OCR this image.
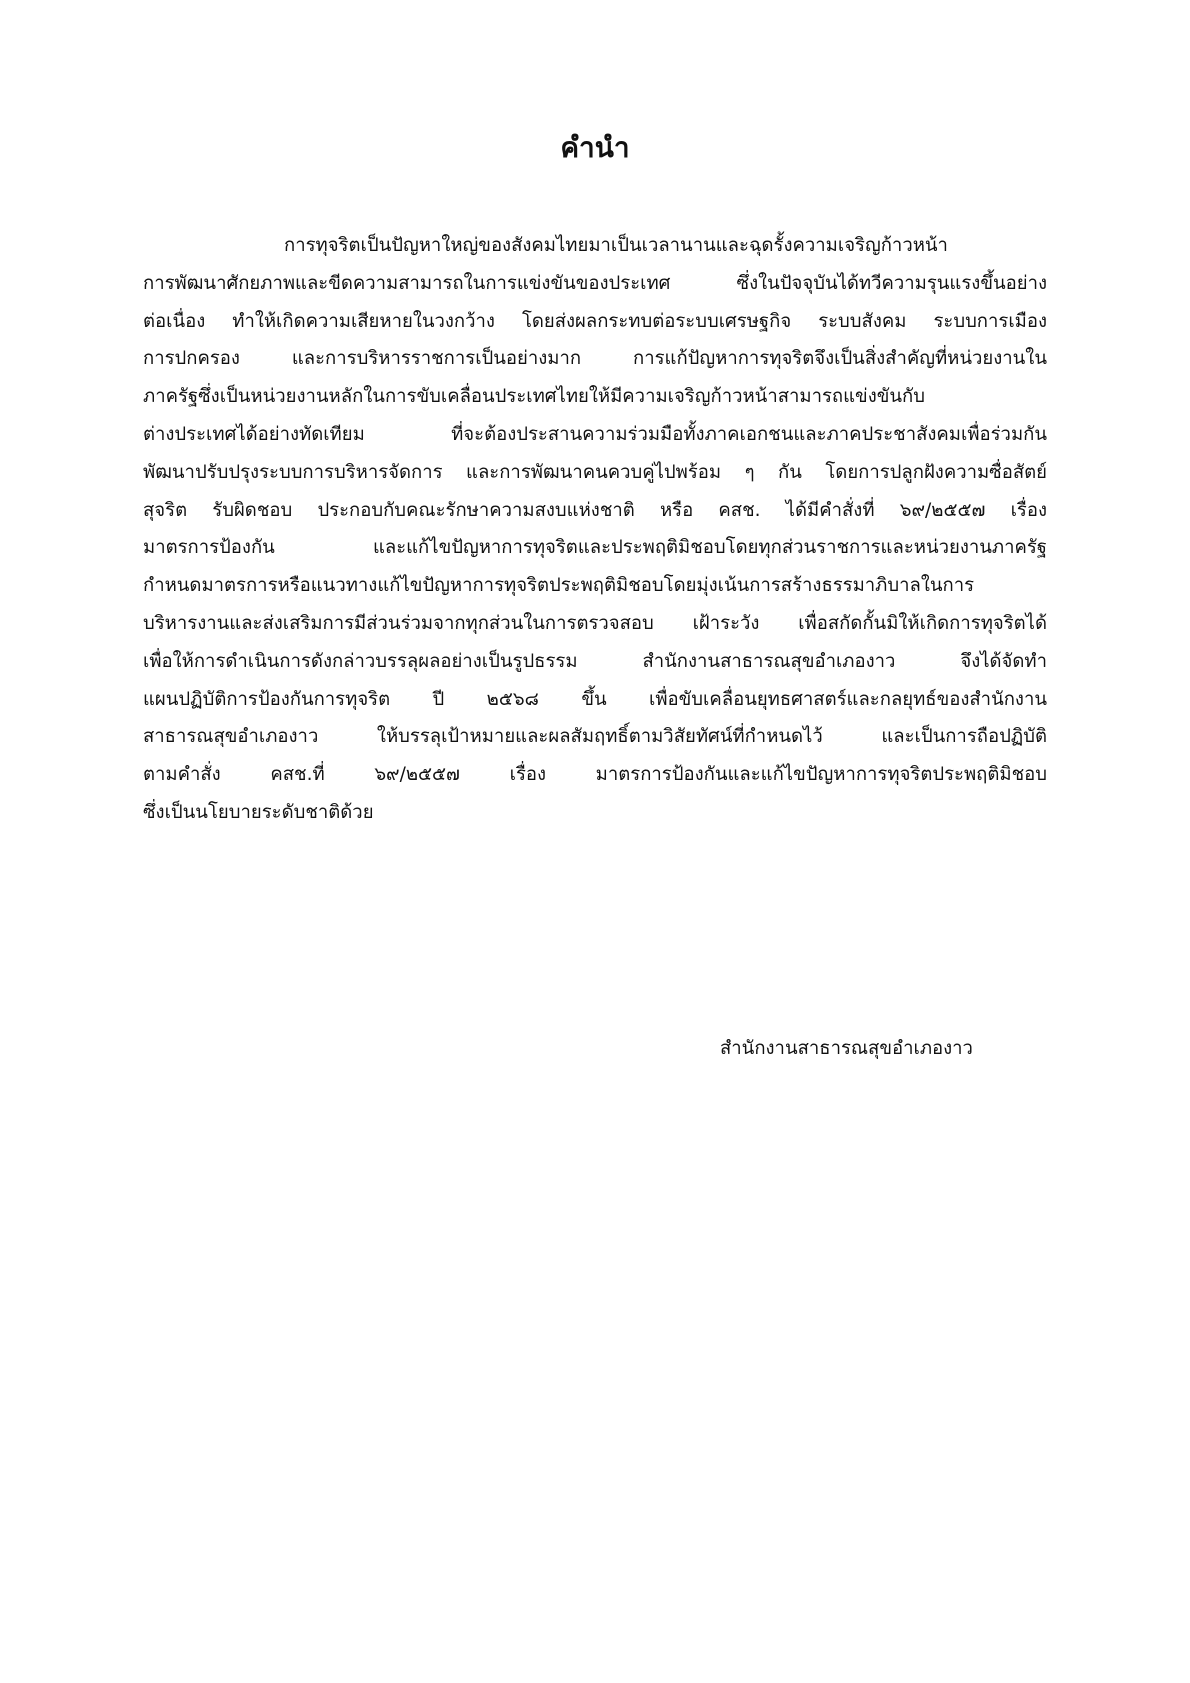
คำนำ
การทุจริตเป็นปัญหาใหญ่ของสังคมไทยมาเป็นเวลานานและฉุดรั้งความเจริญก้าวหน้า
การพัฒนาศักยภาพและขีดความสามารถในการแข่งขันของประเทศ ซึ่งในปัจจุบันได้ทวีความรุนแรงขึ้นอย่าง
ต่อเนื่อง ทำให้เกิดความเสียหายในวงกว้าง โดยส่งผลกระทบต่อระบบเศรษฐกิจ ระบบสังคม ระบบการเมือง
การปกครอง และการบริหารราชการเป็นอย่างมาก การแก้ปัญหาการทุจริตจึงเป็นสิ่งสำคัญที่หน่วยงานใน
ภาครัฐซึ่งเป็นหน่วยงานหลักในการขับเคลื่อนประเทศไทยให้มีความเจริญก้าวหน้าสามารถแข่งขันกับ
ต่างประเทศได้อย่างทัดเทียม ที่จะต้องประสานความร่วมมือทั้งภาคเอกชนและภาคประชาสังคมเพื่อร่วมกัน
พัฒนาปรับปรุงระบบการบริหารจัดการ และการพัฒนาคนควบคู่ไปพร้อม ๆ กัน โดยการปลูกฝังความซื่อสัตย์
สุจริต รับผิดชอบ ประกอบกับคณะรักษาความสงบแห่งชาติ หรือ คสช. ได้มีคำสั่งที่ ๖๙/๒๕๕๗ เรื่อง
มาตรการป้องกัน และแก้ไขปัญหาการทุจริตและประพฤติมิชอบโดยทุกส่วนราชการและหน่วยงานภาครัฐ
กำหนดมาตรการหรือแนวทางแก้ไขปัญหาการทุจริตประพฤติมิชอบโดยมุ่งเน้นการสร้างธรรมาภิบาลในการ
บริหารงานและส่งเสริมการมีส่วนร่วมจากทุกส่วนในการตรวจสอบ เฝ้าระวัง เพื่อสกัดกั้นมิให้เกิดการทุจริตได้
เพื่อให้การดำเนินการดังกล่าวบรรลุผลอย่างเป็นรูปธรรม สำนักงานสาธารณสุขอำเภองาว จึงได้จัดทำ
แผนปฏิบัติการป้องกันการทุจริต ปี ๒๕๖๘ ขึ้น เพื่อขับเคลื่อนยุทธศาสตร์และกลยุทธ์ของสำนักงาน
สาธารณสุขอำเภองาว ให้บรรลุเป้าหมายและผลสัมฤทธิ์ตามวิสัยทัศน์ที่กำหนดไว้ และเป็นการถือปฏิบัติ
ตามคำสั่ง คสช.ที่ ๖๙/๒๕๕๗ เรื่อง มาตรการป้องกันและแก้ไขปัญหาการทุจริตประพฤติมิชอบ
ซึ่งเป็นนโยบายระดับชาติด้วย

สำนักงานสาธารณสุขอำเภองาว
